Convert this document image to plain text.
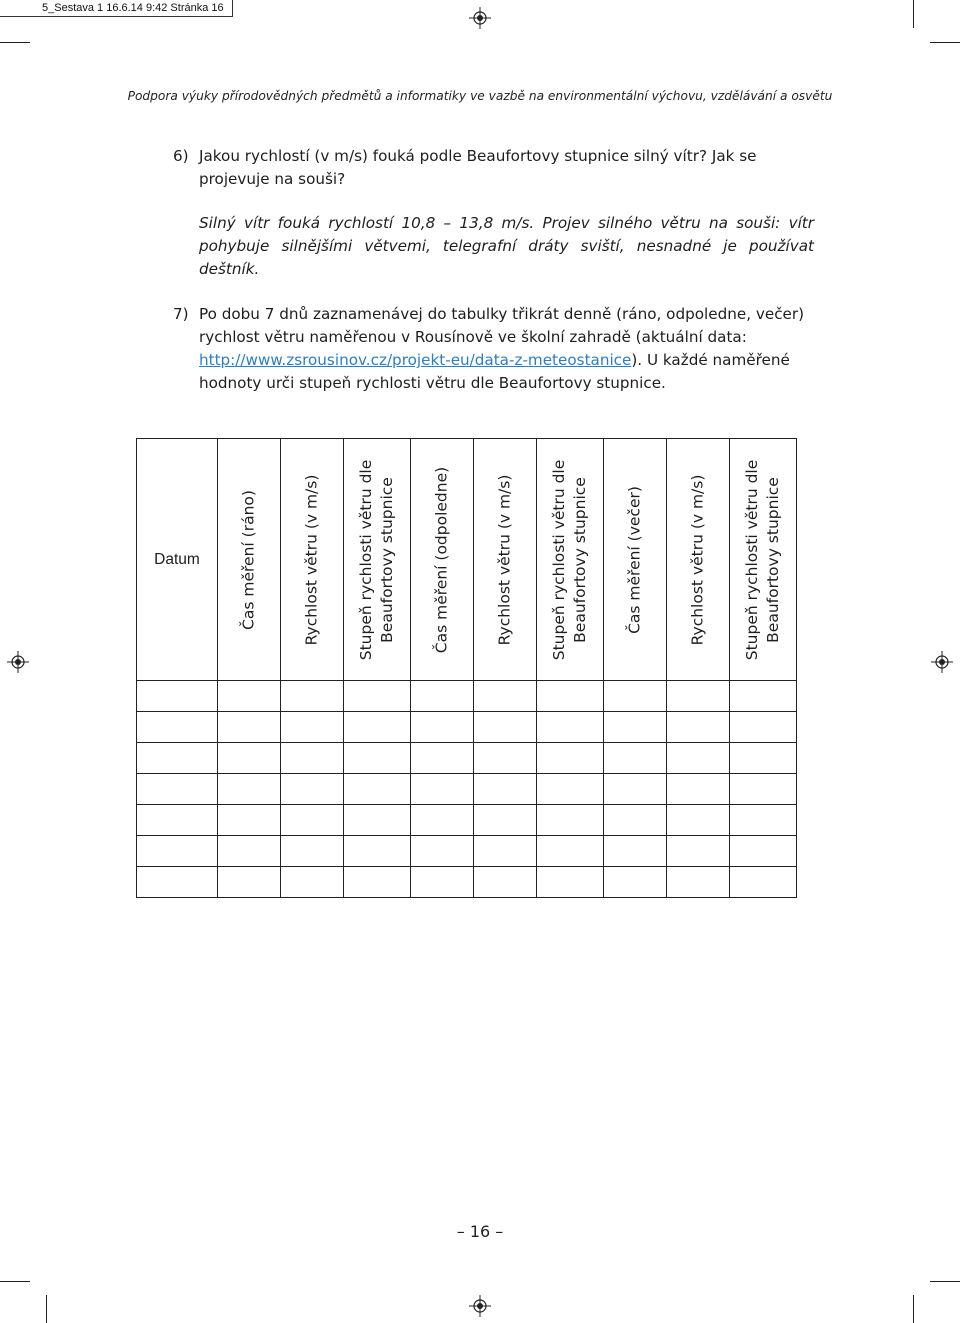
5_Sestava 1 16.6.14 9:42 Stránka 16
Podpora výuky přírodovědných předmětů a informatiky ve vazbě na environmentální výchovu, vzdělávání a osvětu
6) Jakou rychlostí (v m/s) fouká podle Beaufortovy stupnice silný vítr? Jak se projevuje na souši?
Silný vítr fouká rychlostí 10,8 – 13,8 m/s. Projev silného větru na souši: vítr pohybuje silnějšími větvemi, telegrafní dráty sviští, nesnadné je používat deštník.
7) Po dobu 7 dnů zaznamenávej do tabulky třikrát denně (ráno, odpoledne, večer) rychlost větru naměřenou v Rousínově ve školní zahradě (aktuální data: http://www.zsrousinov.cz/projekt-eu/data-z-meteostanice). U každé naměřené hodnoty urči stupeň rychlosti větru dle Beaufortovy stupnice.
Datum	Čas měření (ráno)	Rychlost větru (v m/s)	Stupeň rychlosti větru dle Beaufortovy stupnice	Čas měření (odpoledne)	Rychlost větru (v m/s)	Stupeň rychlosti větru dle Beaufortovy stupnice	Čas měření (večer)	Rychlost větru (v m/s)	Stupeň rychlosti větru dle Beaufortovy stupnice

– 16 –
